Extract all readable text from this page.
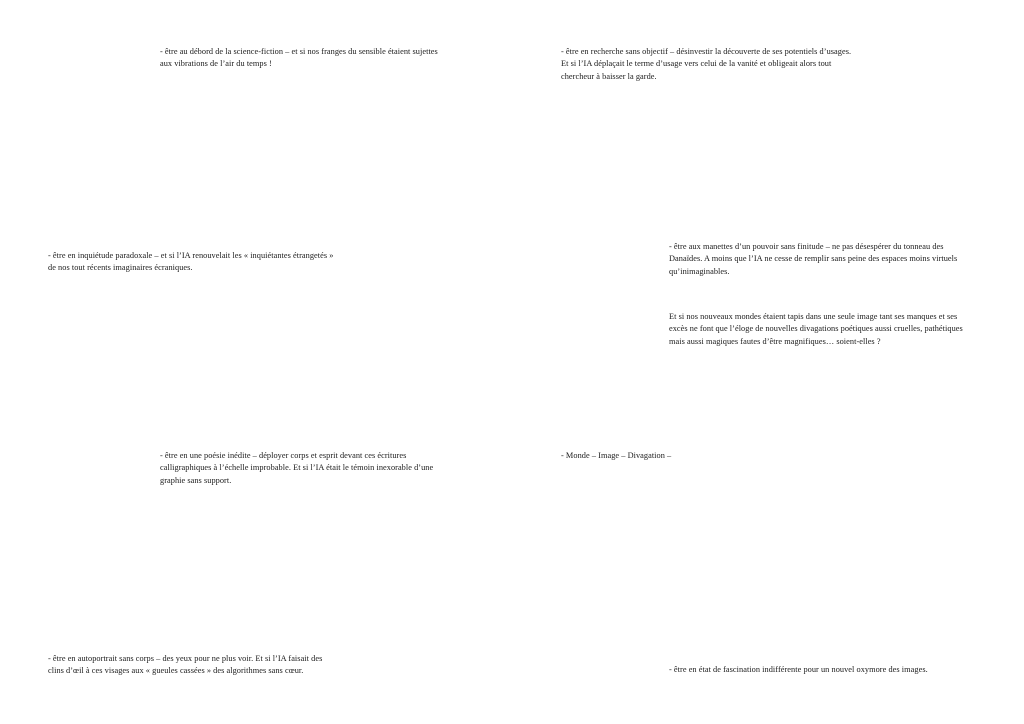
- être au débord de la science-fiction – et si nos franges du sensible étaient sujettes
aux vibrations de l’air du temps !
- être en inquiétude paradoxale – et si l’IA renouvelait les « inquiétantes étrangetés »
de nos tout récents imaginaires écraniques.
- être en une poésie inédite – déployer corps et esprit devant ces écritures
calligraphiques à l’échelle improbable. Et si l’IA était le témoin inexorable d’une
graphie sans support.
- être en autoportrait sans corps – des yeux pour ne plus voir. Et si l’IA faisait des
clins d’œil à ces visages aux « gueules cassées » des algorithmes sans cœur.
- être en recherche sans objectif – désinvestir la découverte de ses potentiels d’usages.
Et si l’IA déplaçait le terme d’usage vers celui de la vanité et obligeait alors tout
chercheur à baisser la garde.
- être aux manettes d’un pouvoir sans finitude – ne pas désespérer du tonneau des
Danaïdes. A moins que l’IA ne cesse de remplir sans peine des espaces moins virtuels
qu’inimaginables.
Et si nos nouveaux mondes étaient tapis dans une seule image tant ses manques et ses
excès ne font que l’éloge de nouvelles divagations poétiques aussi cruelles, pathétiques
mais aussi magiques fautes d’être magnifiques… soient-elles ?
- Monde – Image – Divagation –
- être en état de fascination indifférente pour un nouvel oxymore des images.
